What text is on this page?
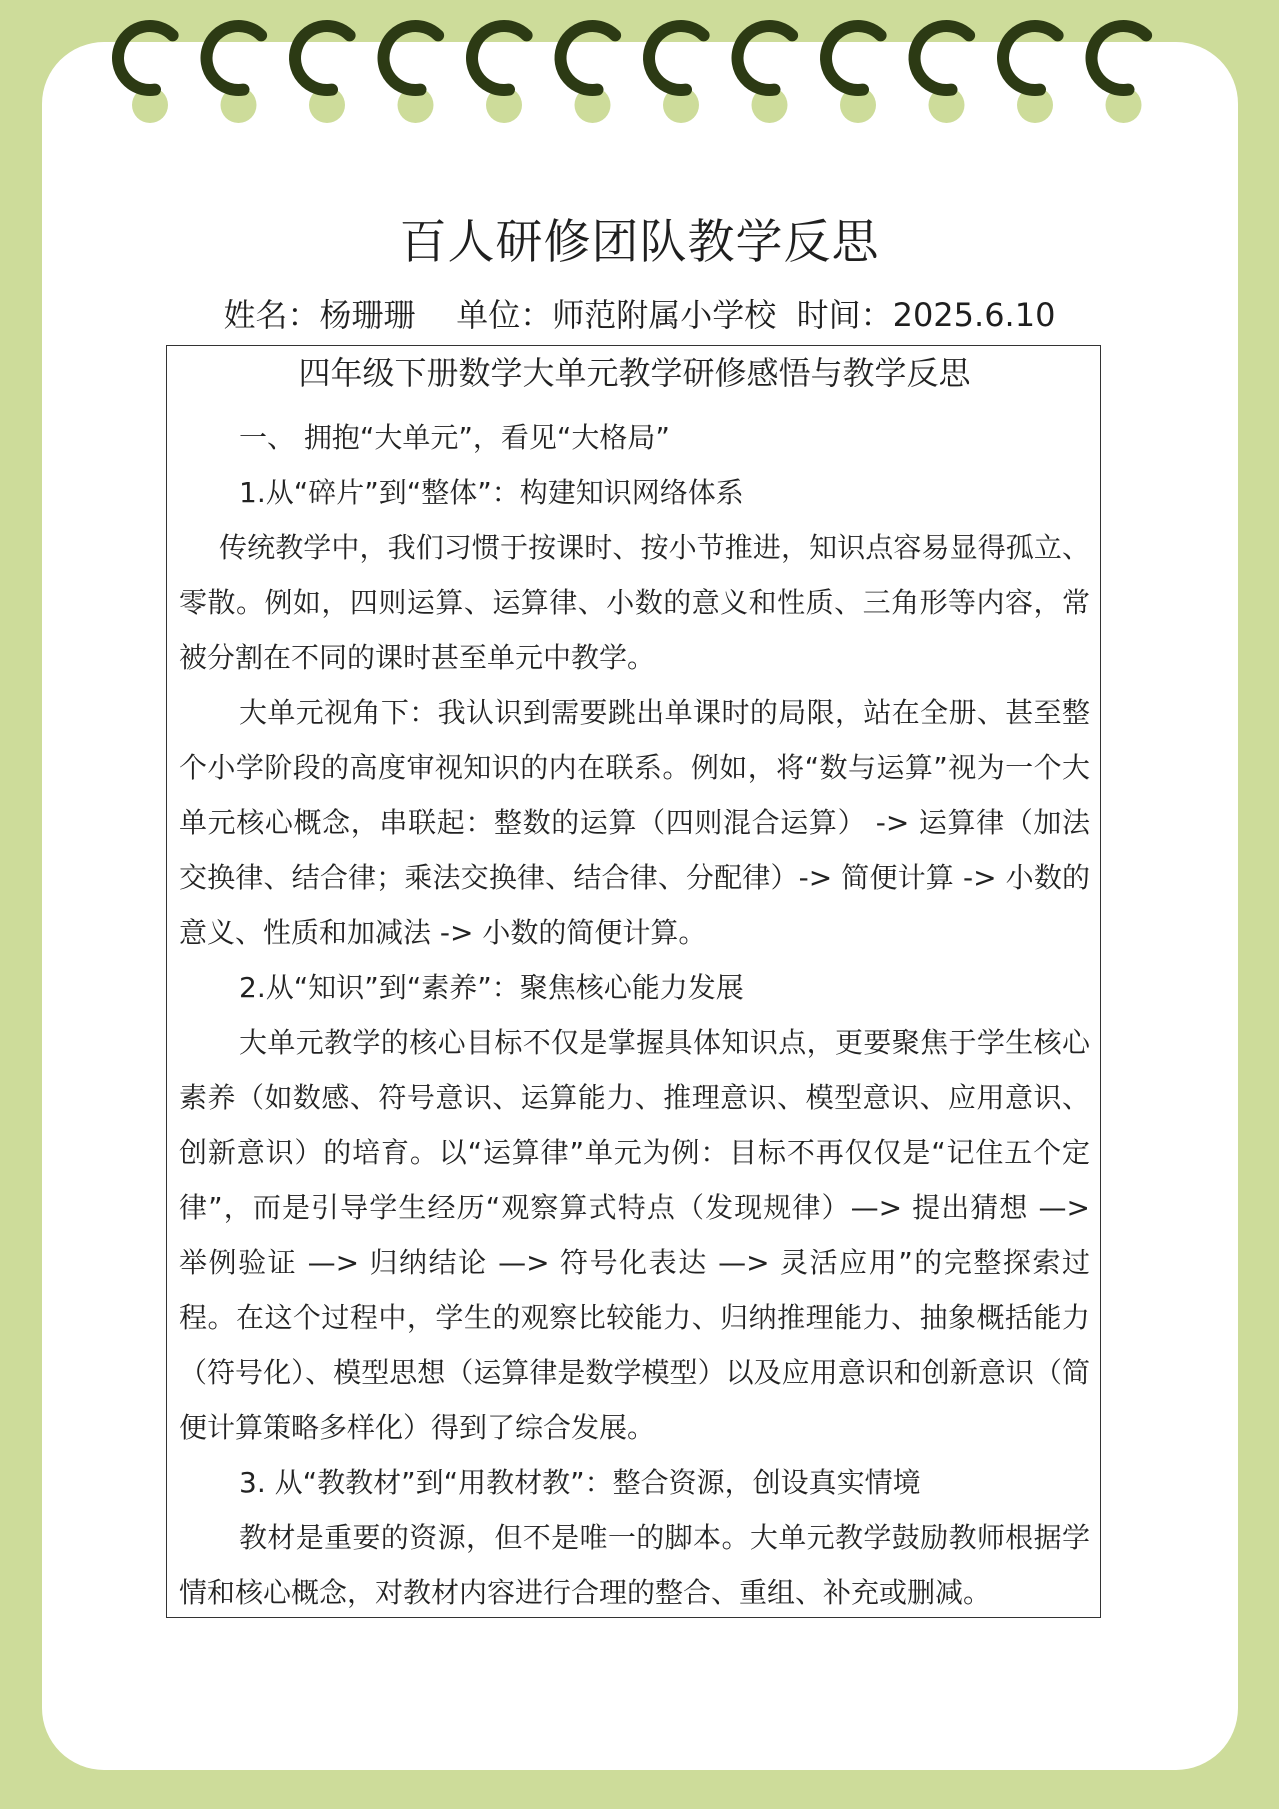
百人研修团队教学反思
姓名：杨珊珊    单位：师范附属小学校  时间：2025.6.10
四年级下册数学大单元教学研修感悟与教学反思

一、 拥抱“大单元”，看见“大格局”

1.从“碎片”到“整体”：构建知识网络体系

传统教学中，我们习惯于按课时、按小节推进，知识点容易显得孤立、零散。例如，四则运算、运算律、小数的意义和性质、三角形等内容，常被分割在不同的课时甚至单元中教学。

大单元视角下：我认识到需要跳出单课时的局限，站在全册、甚至整个小学阶段的高度审视知识的内在联系。例如，将“数与运算”视为一个大单元核心概念，串联起：整数的运算（四则混合运算） -> 运算律（加法交换律、结合律；乘法交换律、结合律、分配律）-> 简便计算 -> 小数的意义、性质和加减法 -> 小数的简便计算。

2.从“知识”到“素养”：聚焦核心能力发展

大单元教学的核心目标不仅是掌握具体知识点，更要聚焦于学生核心素养（如数感、符号意识、运算能力、推理意识、模型意识、应用意识、创新意识）的培育。以“运算律”单元为例：目标不再仅仅是“记住五个定律”，而是引导学生经历“观察算式特点（发现规律）—> 提出猜想 —> 举例验证 —> 归纳结论 —> 符号化表达 —> 灵活应用”的完整探索过程。在这个过程中，学生的观察比较能力、归纳推理能力、抽象概括能力（符号化）、模型思想（运算律是数学模型）以及应用意识和创新意识（简便计算策略多样化）得到了综合发展。

3. 从“教教材”到“用教材教”：整合资源，创设真实情境

教材是重要的资源，但不是唯一的脚本。大单元教学鼓励教师根据学情和核心概念，对教材内容进行合理的整合、重组、补充或删减。
